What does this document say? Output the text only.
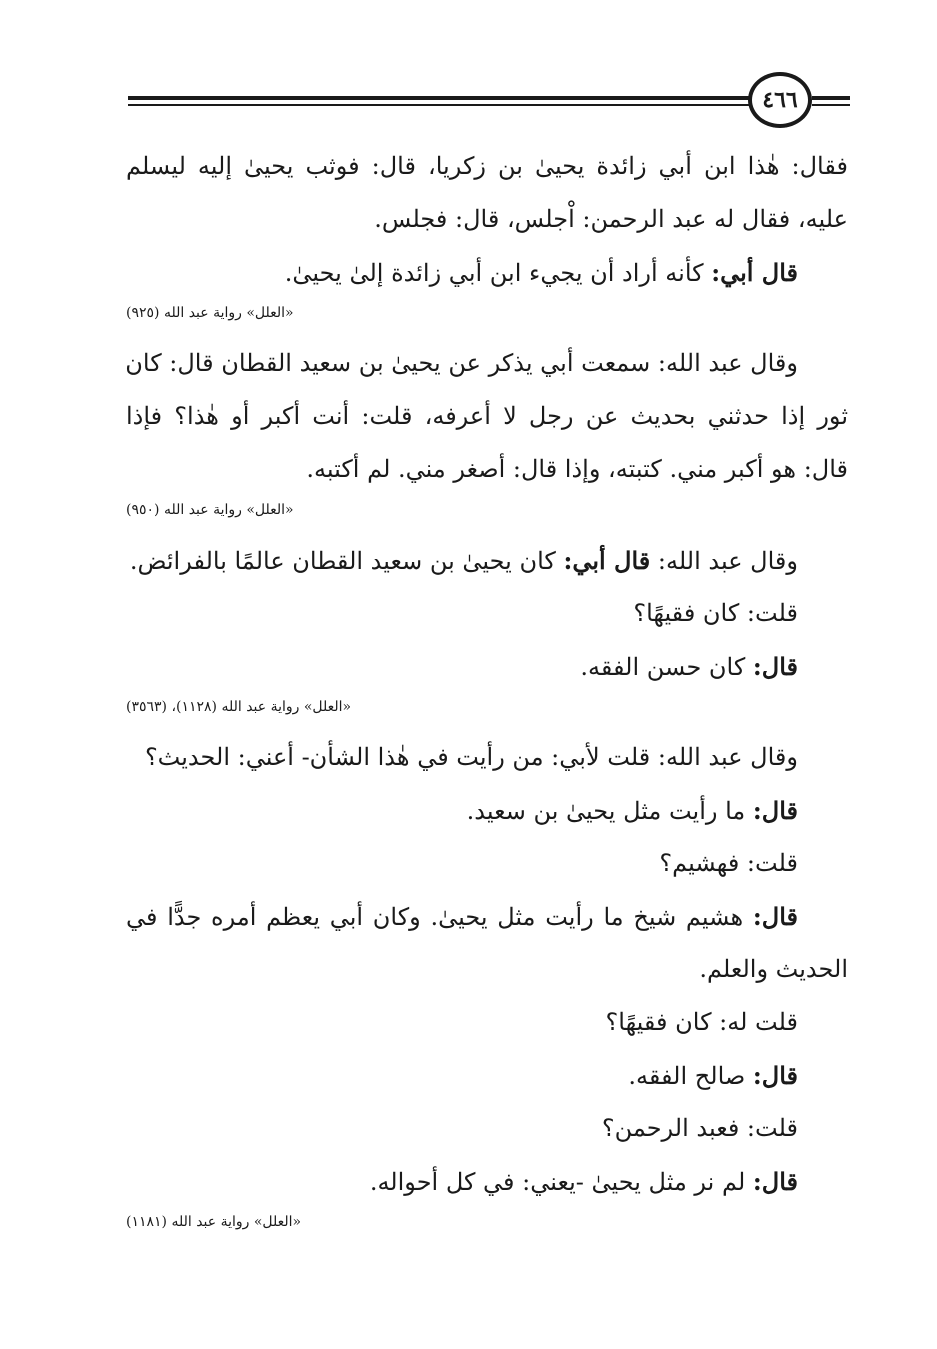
٤٦٦
فقال: هٰذا ابن أبي زائدة يحيىٰ بن زكريا، قال: فوثب يحيىٰ إليه ليسلم
عليه، فقال له عبد الرحمن: اْجلس، قال: فجلس.
قال أبي: كأنه أراد أن يجيء ابن أبي زائدة إلىٰ يحيىٰ.
«العلل» رواية عبد الله (٩٢٥)
وقال عبد الله: سمعت أبي يذكر عن يحيىٰ بن سعيد القطان قال: كان
ثور إذا حدثني بحديث عن رجل لا أعرفه، قلت: أنت أكبر أو هٰذا؟ فإذا
قال: هو أكبر مني. كتبته، وإذا قال: أصغر مني. لم أكتبه.
«العلل» رواية عبد الله (٩٥٠)
وقال عبد الله: قال أبي: كان يحيىٰ بن سعيد القطان عالمًا بالفرائض.
قلت: كان فقيهًا؟
قال: كان حسن الفقه.
«العلل» رواية عبد الله (١١٢٨)، (٣٥٦٣)
وقال عبد الله: قلت لأبي: من رأيت في هٰذا الشأن- أعني: الحديث؟
قال: ما رأيت مثل يحيىٰ بن سعيد.
قلت: فهشيم؟
قال: هشيم شيخ ما رأيت مثل يحيىٰ. وكان أبي يعظم أمره جدًّا في
الحديث والعلم.
قلت له: كان فقيهًا؟
قال: صالح الفقه.
قلت: فعبد الرحمن؟
قال: لم نر مثل يحيىٰ -يعني: في كل أحواله.
«العلل» رواية عبد الله (١١٨١)
